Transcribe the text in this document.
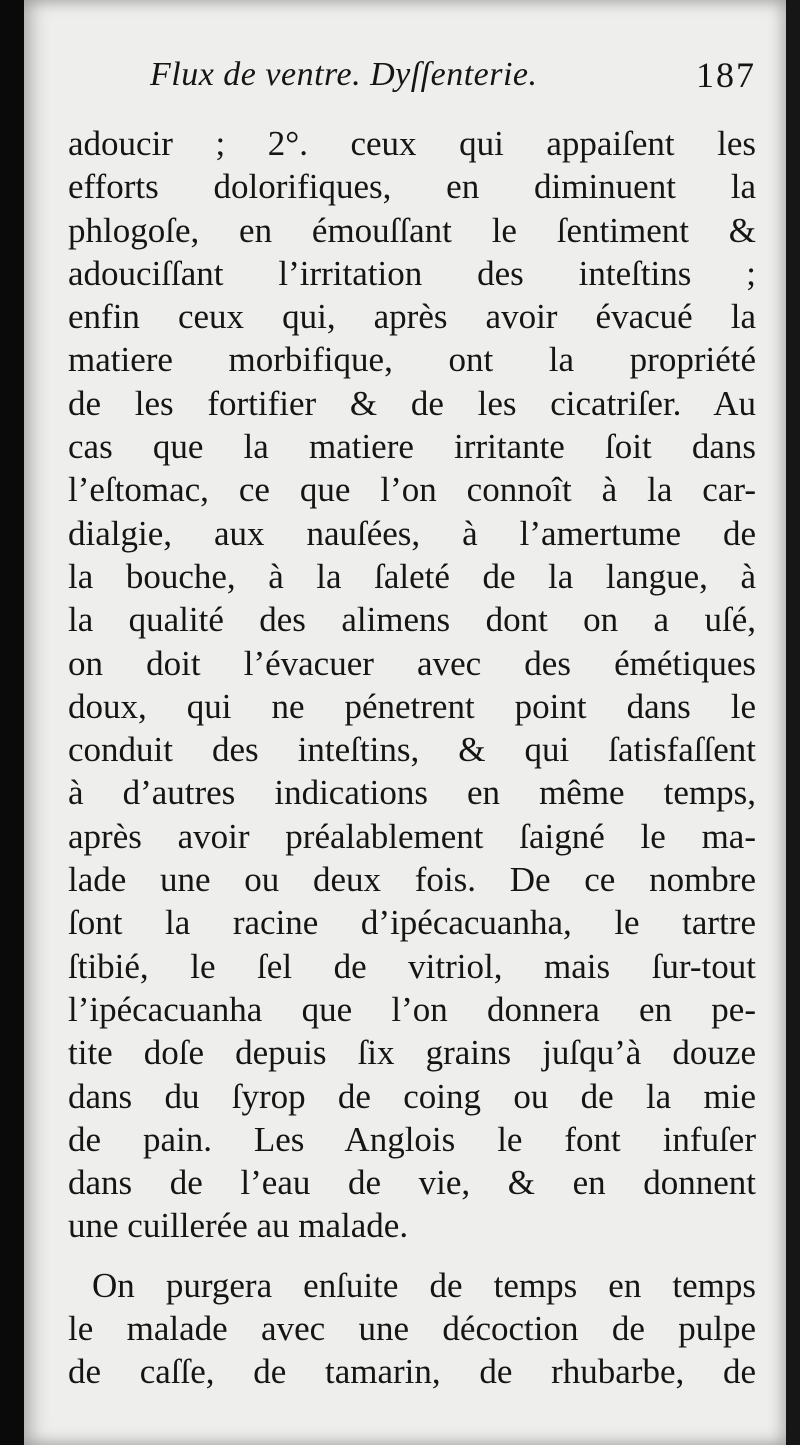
Flux de ventre. Dyſſenterie.	187
adoucir ; 2°. ceux qui appaiſent les
efforts dolorifiques, en diminuent la
phlogoſe, en émouſſant le ſentiment &
adouciſſant l’irritation des inteſtins ;
enfin ceux qui, après avoir évacué la
matiere morbifique, ont la propriété
de les fortifier & de les cicatriſer. Au
cas que la matiere irritante ſoit dans
l’eſtomac, ce que l’on connoît à la car-
dialgie, aux nauſées, à l’amertume de
la bouche, à la ſaleté de la langue, à
la qualité des alimens dont on a uſé,
on doit l’évacuer avec des émétiques
doux, qui ne pénetrent point dans le
conduit des inteſtins, & qui ſatisfaſſent
à d’autres indications en même temps,
après avoir préalablement ſaigné le ma-
lade une ou deux fois. De ce nombre
ſont la racine d’ipécacuanha, le tartre
ſtibié, le ſel de vitriol, mais ſur-tout
l’ipécacuanha que l’on donnera en pe-
tite doſe depuis ſix grains juſqu’à douze
dans du ſyrop de coing ou de la mie
de pain. Les Anglois le font infuſer
dans de l’eau de vie, & en donnent
une cuillerée au malade.
On purgera enſuite de temps en temps
le malade avec une décoction de pulpe
de caſſe, de tamarin, de rhubarbe, de
